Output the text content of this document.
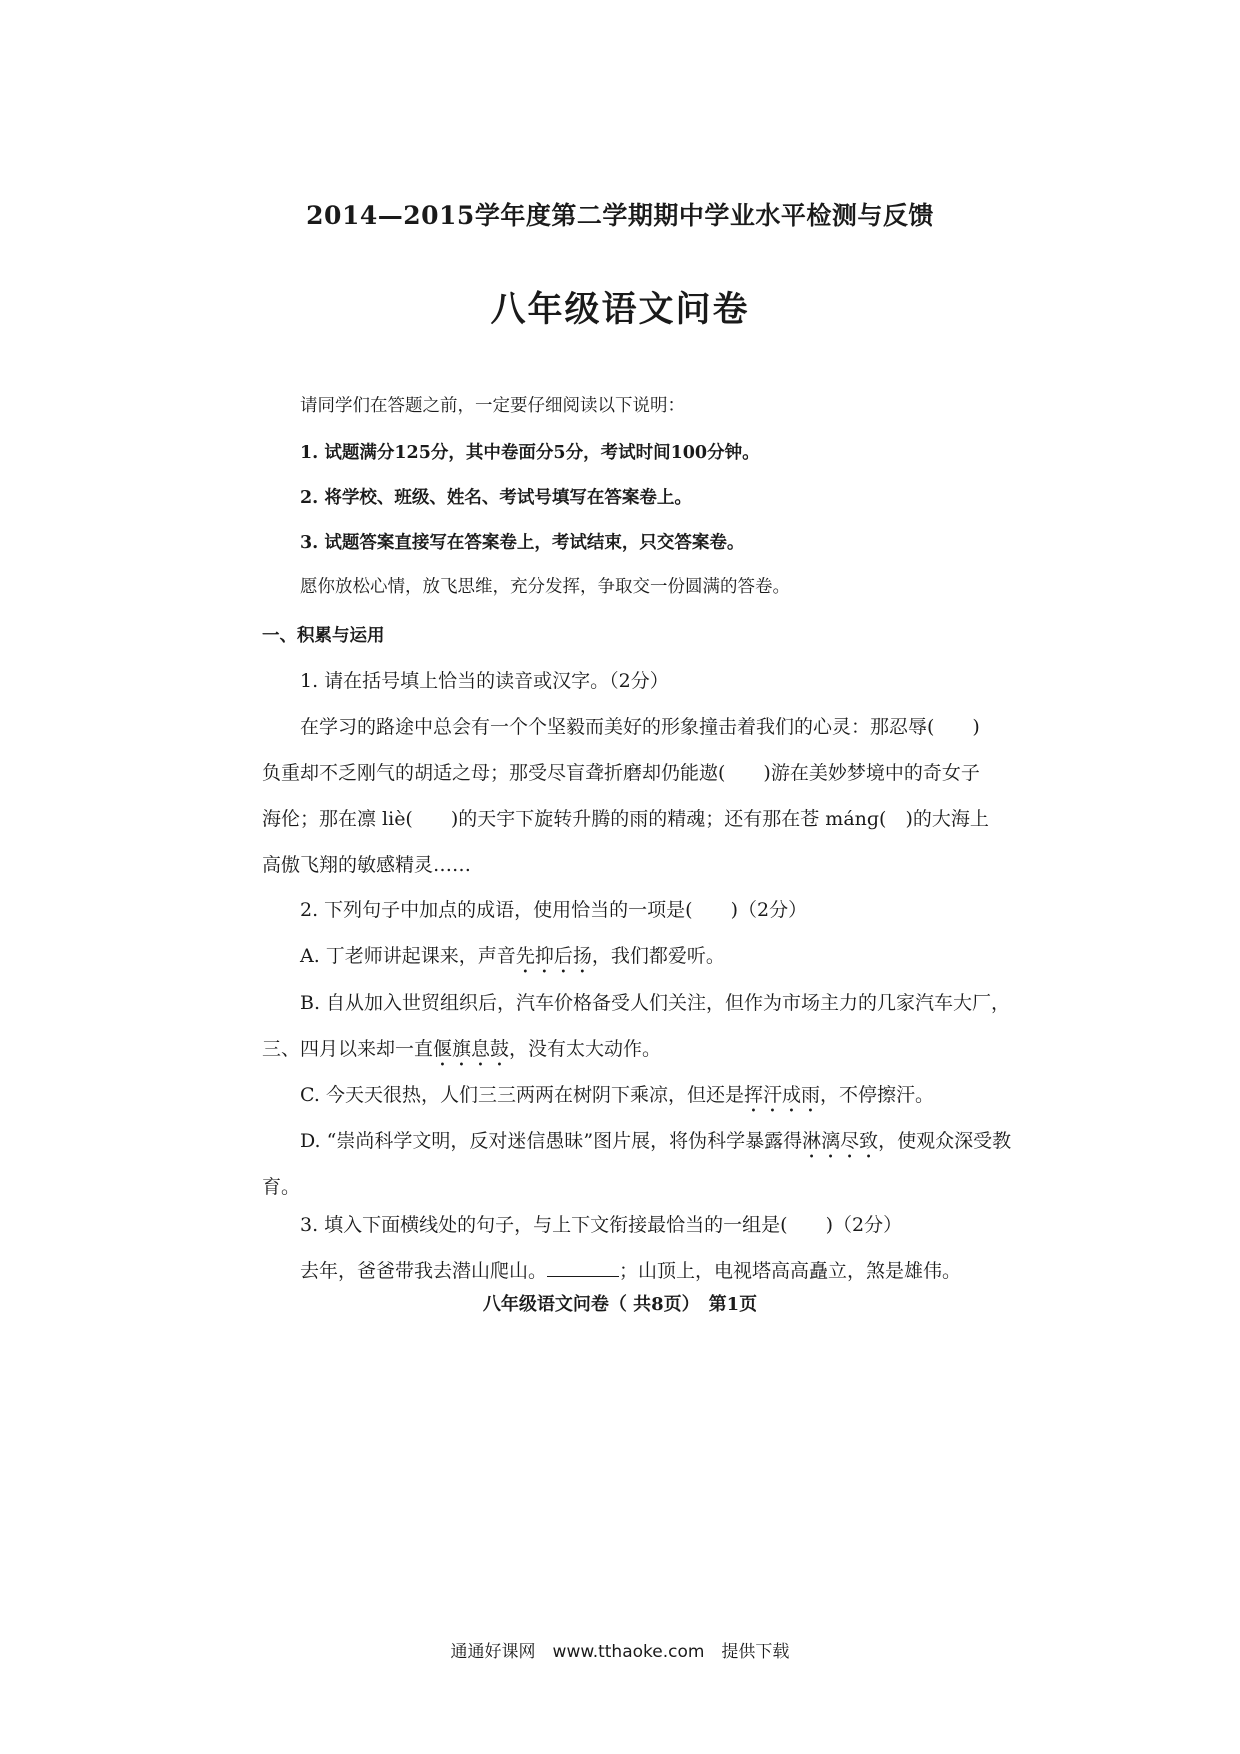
2014—2015学年度第二学期期中学业水平检测与反馈
八年级语文问卷
请同学们在答题之前，一定要仔细阅读以下说明：
1. 试题满分125分，其中卷面分5分，考试时间100分钟。
2. 将学校、班级、姓名、考试号填写在答案卷上。
3. 试题答案直接写在答案卷上，考试结束，只交答案卷。
愿你放松心情，放飞思维，充分发挥，争取交一份圆满的答卷。
一、积累与运用
1. 请在括号填上恰当的读音或汉字。（2分）
在学习的路途中总会有一个个坚毅而美好的形象撞击着我们的心灵：那忍辱(　　)
负重却不乏刚气的胡适之母；那受尽盲聋折磨却仍能遨(　　)游在美妙梦境中的奇女子
海伦；那在凛 liè(　　)的天宇下旋转升腾的雨的精魂；还有那在苍 mánɡ(　)的大海上
高傲飞翔的敏感精灵……
2. 下列句子中加点的成语，使用恰当的一项是(　　)（2分）
A. 丁老师讲起课来，声音先抑后扬，我们都爱听。
B. 自从加入世贸组织后，汽车价格备受人们关注，但作为市场主力的几家汽车大厂，
三、四月以来却一直偃旗息鼓，没有太大动作。
C. 今天天很热，人们三三两两在树阴下乘凉，但还是挥汗成雨，不停擦汗。
D. “崇尚科学文明，反对迷信愚昧”图片展，将伪科学暴露得淋漓尽致，使观众深受教
育。
3. 填入下面横线处的句子，与上下文衔接最恰当的一组是(　　)（2分）
去年，爸爸带我去潜山爬山。	；山顶上，电视塔高高矗立，煞是雄伟。
八年级语文问卷（ 共8页）　第1页
通通好课网　www.tthaoke.com　提供下载
